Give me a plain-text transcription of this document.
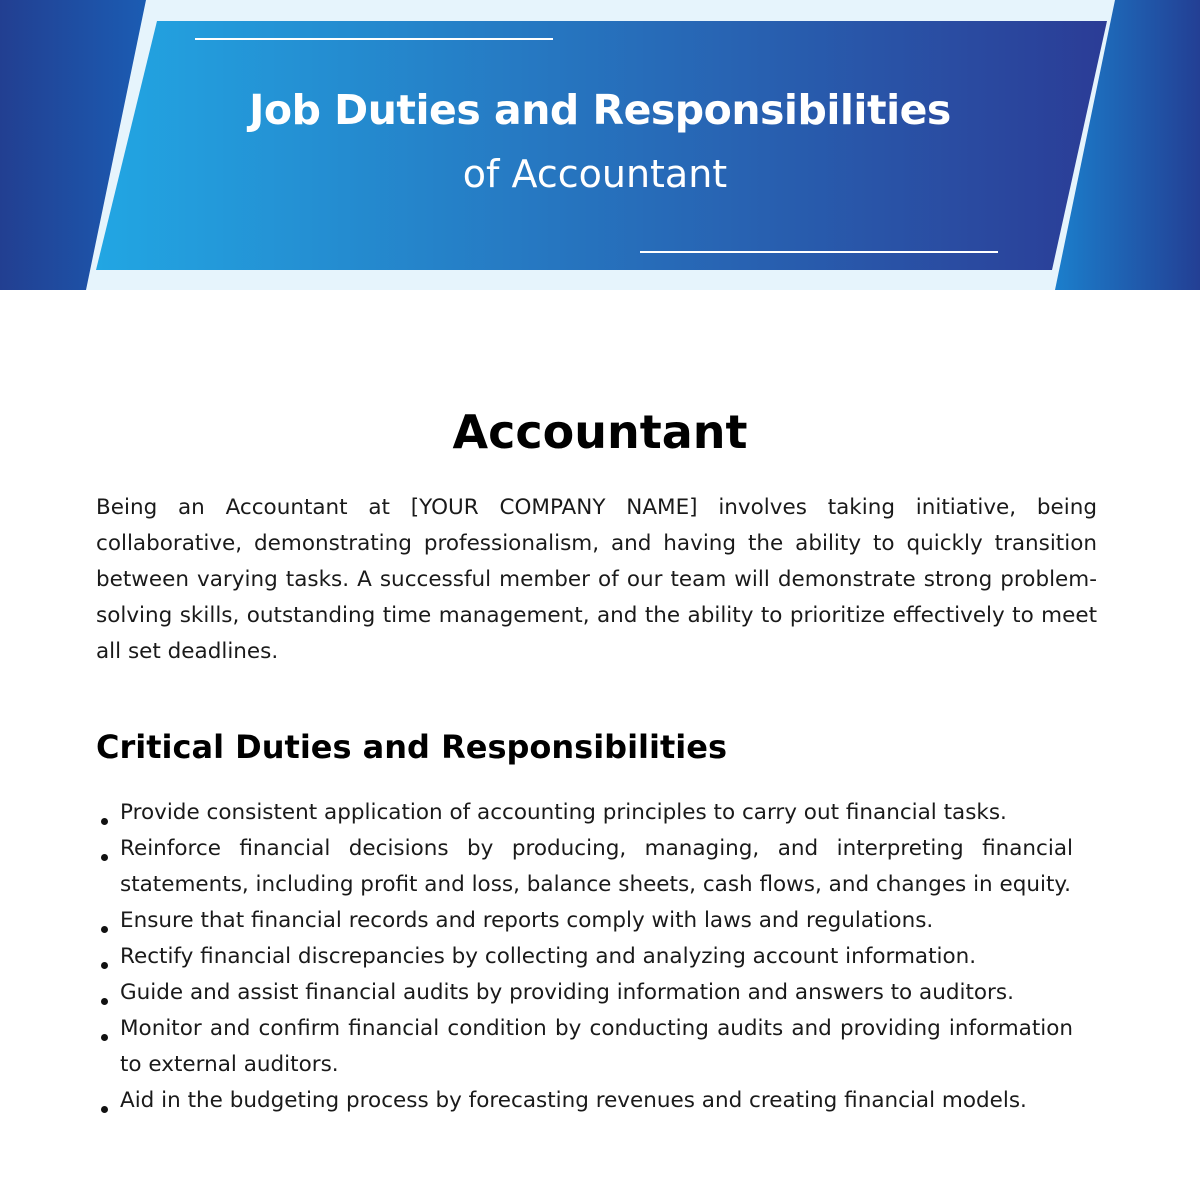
Job Duties and Responsibilities
of Accountant
Accountant

Being an Accountant at [YOUR COMPANY NAME] involves taking initiative, being collaborative, demonstrating professionalism, and having the ability to quickly transition between varying tasks. A successful member of our team will demonstrate strong problem-solving skills, outstanding time management, and the ability to prioritize effectively to meet all set deadlines.

Critical Duties and Responsibilities
Provide consistent application of accounting principles to carry out financial tasks.
Reinforce financial decisions by producing, managing, and interpreting financial statements, including profit and loss, balance sheets, cash flows, and changes in equity.
Ensure that financial records and reports comply with laws and regulations.
Rectify financial discrepancies by collecting and analyzing account information.
Guide and assist financial audits by providing information and answers to auditors.
Monitor and confirm financial condition by conducting audits and providing information to external auditors.
Aid in the budgeting process by forecasting revenues and creating financial models.
